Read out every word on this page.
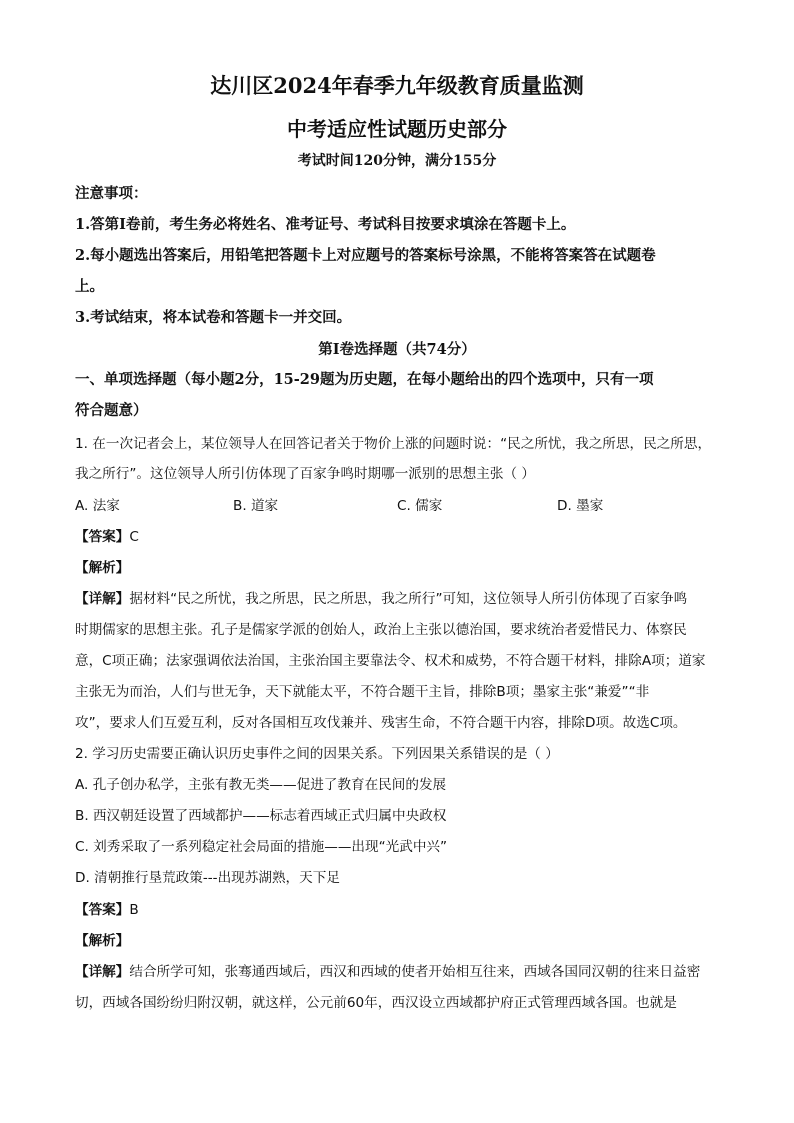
达川区2024年春季九年级教育质量监测
中考适应性试题历史部分
考试时间120分钟，满分155分
注意事项：
1.答第Ⅰ卷前，考生务必将姓名、准考证号、考试科目按要求填涂在答题卡上。
2.每小题选出答案后，用铅笔把答题卡上对应题号的答案标号涂黑，不能将答案答在试题卷
上。
3.考试结束，将本试卷和答题卡一并交回。
第Ⅰ卷选择题（共74分）
一、单项选择题（每小题2分，15-29题为历史题，在每小题给出的四个选项中，只有一项
符合题意）
1. 在一次记者会上，某位领导人在回答记者关于物价上涨的问题时说：“民之所忧，我之所思，民之所思，
我之所行”。这位领导人所引仿体现了百家争鸣时期哪一派别的思想主张（ ）
A. 法家	B. 道家	C. 儒家	D. 墨家
【答案】C
【解析】
【详解】据材料“民之所忧，我之所思，民之所思，我之所行”可知，这位领导人所引仿体现了百家争鸣
时期儒家的思想主张。孔子是儒家学派的创始人，政治上主张以德治国，要求统治者爱惜民力、体察民
意，C项正确；法家强调依法治国，主张治国主要靠法令、权术和威势，不符合题干材料，排除A项；道家
主张无为而治，人们与世无争，天下就能太平，不符合题干主旨，排除B项；墨家主张“兼爱”“非
攻”，要求人们互爱互利，反对各国相互攻伐兼并、残害生命，不符合题干内容，排除D项。故选C项。
2. 学习历史需要正确认识历史事件之间的因果关系。下列因果关系错误的是（ ）
A. 孔子创办私学，主张有教无类——促进了教育在民间的发展
B. 西汉朝廷设置了西域都护——标志着西域正式归属中央政权
C. 刘秀采取了一系列稳定社会局面的措施——出现“光武中兴”
D. 清朝推行垦荒政策---出现苏湖熟，天下足
【答案】B
【解析】
【详解】结合所学可知，张骞通西域后，西汉和西域的使者开始相互往来，西域各国同汉朝的往来日益密
切，西域各国纷纷归附汉朝，就这样，公元前60年，西汉设立西域都护府正式管理西域各国。也就是
